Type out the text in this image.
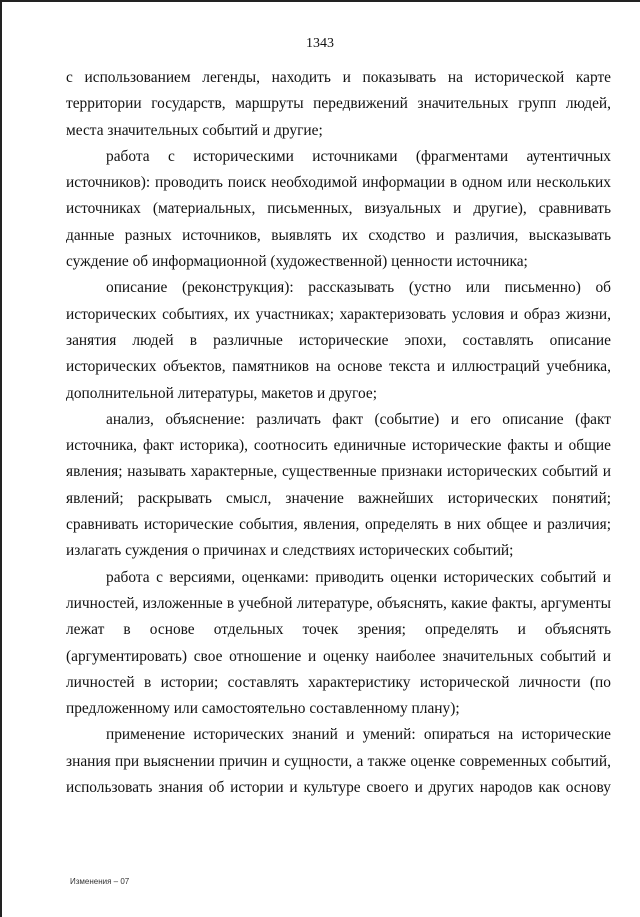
1343

с использованием легенды, находить и показывать на исторической карте территории государств, маршруты передвижений значительных групп людей, места значительных событий и другие;

работа с историческими источниками (фрагментами аутентичных источников): проводить поиск необходимой информации в одном или нескольких источниках (материальных, письменных, визуальных и другие), сравнивать данные разных источников, выявлять их сходство и различия, высказывать суждение об информационной (художественной) ценности источника;

описание (реконструкция): рассказывать (устно или письменно) об исторических событиях, их участниках; характеризовать условия и образ жизни, занятия людей в различные исторические эпохи, составлять описание исторических объектов, памятников на основе текста и иллюстраций учебника, дополнительной литературы, макетов и другое;

анализ, объяснение: различать факт (событие) и его описание (факт источника, факт историка), соотносить единичные исторические факты и общие явления; называть характерные, существенные признаки исторических событий и явлений; раскрывать смысл, значение важнейших исторических понятий; сравнивать исторические события, явления, определять в них общее и различия; излагать суждения о причинах и следствиях исторических событий;

работа с версиями, оценками: приводить оценки исторических событий и личностей, изложенные в учебной литературе, объяснять, какие факты, аргументы лежат в основе отдельных точек зрения; определять и объяснять (аргументировать) свое отношение и оценку наиболее значительных событий и личностей в истории; составлять характеристику исторической личности (по предложенному или самостоятельно составленному плану);

применение исторических знаний и умений: опираться на исторические знания при выяснении причин и сущности, а также оценке современных событий, использовать знания об истории и культуре своего и других народов как основу

Изменения – 07
